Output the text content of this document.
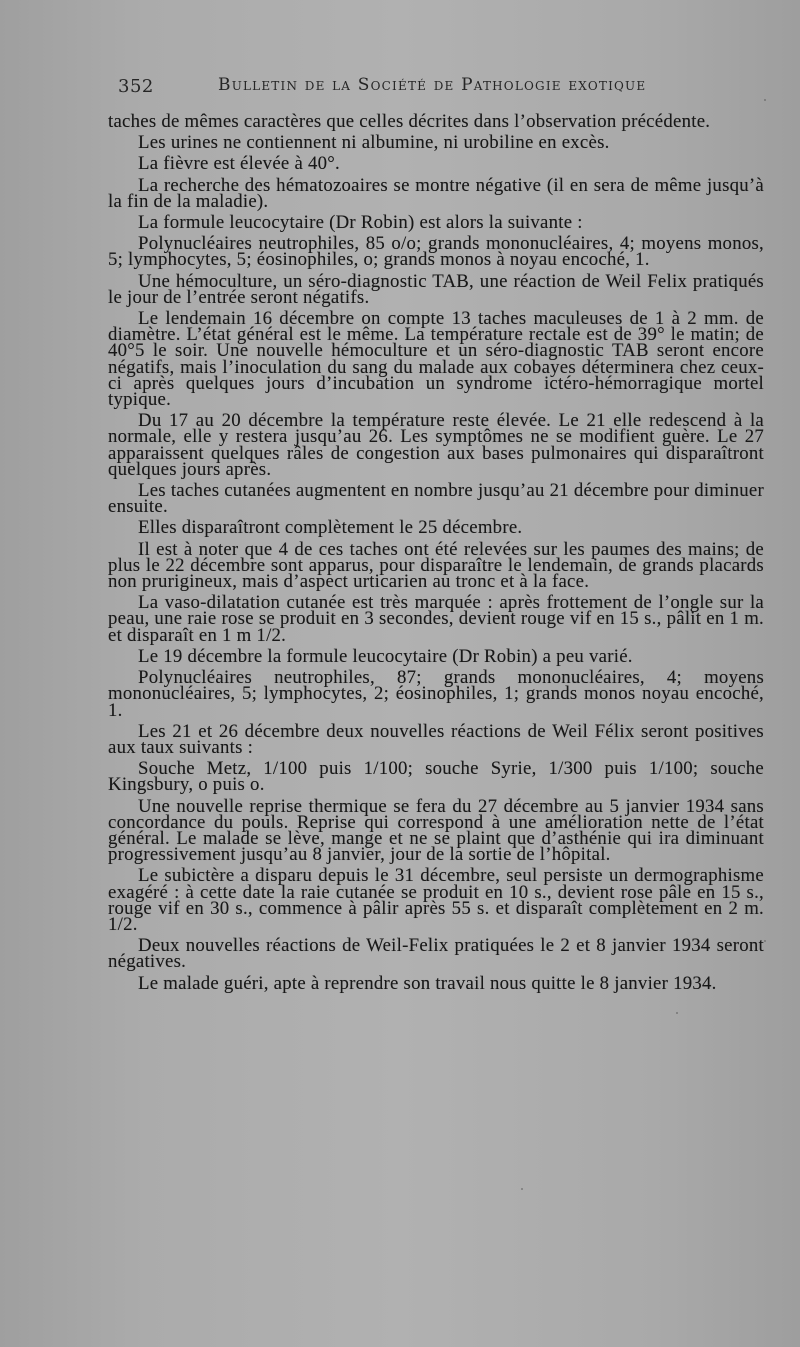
352	Bulletin de la Société de Pathologie exotique

taches de mêmes caractères que celles décrites dans l’observation précédente.

Les urines ne contiennent ni albumine, ni urobiline en excès.

La fièvre est élevée à 40°.

La recherche des hématozoaires se montre négative (il en sera de même jusqu’à la fin de la maladie).

La formule leucocytaire (Dr Robin) est alors la suivante :

Polynucléaires neutrophiles, 85 o/o; grands mononucléaires, 4; moyens monos, 5; lymphocytes, 5; éosinophiles, o; grands monos à noyau encoché, 1.

Une hémoculture, un séro-diagnostic TAB, une réaction de Weil Felix pratiqués le jour de l’entrée seront négatifs.

Le lendemain 16 décembre on compte 13 taches maculeuses de 1 à 2 mm. de diamètre. L’état général est le même. La température rectale est de 39° le matin; de 40°5 le soir. Une nouvelle hémoculture et un séro-diagnostic TAB seront encore négatifs, mais l’inoculation du sang du malade aux cobayes déterminera chez ceux-ci après quelques jours d’incubation un syndrome ictéro-hémorragique mortel typique.

Du 17 au 20 décembre la température reste élevée. Le 21 elle redescend à la normale, elle y restera jusqu’au 26. Les symptômes ne se modifient guère. Le 27 apparaissent quelques râles de congestion aux bases pulmonaires qui disparaîtront quelques jours après.

Les taches cutanées augmentent en nombre jusqu’au 21 décembre pour diminuer ensuite.

Elles disparaîtront complètement le 25 décembre.

Il est à noter que 4 de ces taches ont été relevées sur les paumes des mains; de plus le 22 décembre sont apparus, pour disparaître le lendemain, de grands placards non prurigineux, mais d’aspect urticarien au tronc et à la face.

La vaso-dilatation cutanée est très marquée : après frottement de l’ongle sur la peau, une raie rose se produit en 3 secondes, devient rouge vif en 15 s., pâlit en 1 m. et disparaît en 1 m 1/2.

Le 19 décembre la formule leucocytaire (Dr Robin) a peu varié.

Polynucléaires neutrophiles, 87; grands mononucléaires, 4; moyens mononucléaires, 5; lymphocytes, 2; éosinophiles, 1; grands monos noyau encoché, 1.

Les 21 et 26 décembre deux nouvelles réactions de Weil Félix seront positives aux taux suivants :

Souche Metz, 1/100 puis 1/100; souche Syrie, 1/300 puis 1/100; souche Kingsbury, o puis o.

Une nouvelle reprise thermique se fera du 27 décembre au 5 janvier 1934 sans concordance du pouls. Reprise qui correspond à une amélioration nette de l’état général. Le malade se lève, mange et ne se plaint que d’asthénie qui ira diminuant progressivement jusqu’au 8 janvier, jour de la sortie de l’hôpital.

Le subictère a disparu depuis le 31 décembre, seul persiste un dermographisme exagéré : à cette date la raie cutanée se produit en 10 s., devient rose pâle en 15 s., rouge vif en 30 s., commence à pâlir après 55 s. et disparaît complètement en 2 m. 1/2.

Deux nouvelles réactions de Weil-Felix pratiquées le 2 et 8 janvier 1934 seront négatives.

Le malade guéri, apte à reprendre son travail nous quitte le 8 janvier 1934.
